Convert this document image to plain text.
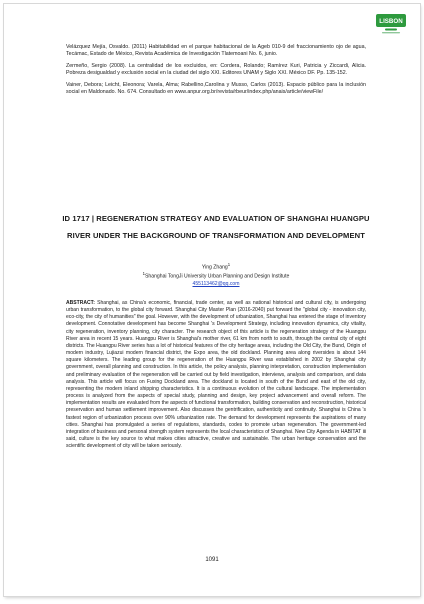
LISBON

Velázquez Mejía, Osvaldo. (2011) Habitabilidad en el parque habitacional de la Ageb 010-9 del fraccionamiento ojo de agua, Tecámac, Estado de México, Revista Académica de Investigación Tlatemoani No. 6, junio.

Zermeño, Sergio (2008). La centralidad de los excluidos, en: Cordera, Rolando; Ramírez Kuri, Patricia y Ziccardi, Alicia. Pobreza desigualdad y exclusión social en la ciudad del siglo XXI. Editores UNAM y Siglo XXI. México DF. Pp. 135-152.

Vainer, Debora; Leicht, Eleonora; Varela, Alma; Rabellino,Carolina y Musso, Carlos (2013). Espacio público para la inclusión social en Maldonado. No. 674. Consultado en www.anpur.org.br/revista/rbeur/index.php/anais/article/viewFile/

ID 1717 | REGENERATION STRATEGY AND EVALUATION OF SHANGHAI HUANGPU RIVER UNDER THE BACKGROUND OF TRANSFORMATION AND DEVELOPMENT
Ying Zhang$^1$
$^1$Shanghai TongJi University Urban Planning and Design Institute
455113462@qq.com

ABSTRACT: Shanghai, as China's economic, financial, trade center, as well as national historical and cultural city, is undergoing urban transformation, to the global city forward. Shanghai City Master Plan (2016-2040) put forward the "global city - innovation city, eco-city, the city of humanities" the goal. However, with the development of urbanization, Shanghai has entered the stage of inventory development. Connotative development has become Shanghai 's Development Strategy, including innovation dynamics, city vitality, city regeneration, inventory planning, city character. The research object of this article is the regeneration strategy of the Huangpu River area in recent 15 years. Huangpu River is Shanghai's mother river, 61 km from north to south, through the central city of eight districts. The Huangpu River series has a lot of historical features of the city heritage areas, including the Old City, the Bund, Origin of modern industry, Lujiazui modern financial district, the Expo area, the old dockland. Planning area along riversides is about 144 square kilometers. The leading group for the regeneration of the Huangpu River was established in 2002 by Shanghai city government, overall planning and construction. In this article, the policy analysis, planning interpretation, construction implementation and preliminary evaluation of the regeneration will be carried out by field investigation, interviews, analysis and comparison, and data analysis. This article will focus on Fuxing Dockland area. The dockland is located in south of the Bund and east of the old city, representing the modern inland shipping characteristics. It is a continuous evolution of the cultural landscape. The implementation process is analyzed from the aspects of special study, planning and design, key project advancement and overall reform. The implementation results are evaluated from the aspects of functional transformation, building conservation and reconstruction, historical preservation and human settlement improvement. Also discusses the gentrification, authenticity and continuity. Shanghai is China 's fastest region of urbanization process over 90% urbanization rate. The demand for development represents the aspirations of many cities. Shanghai has promulgated a series of regulations, standards, codes to promote urban regeneration. The government-led integration of business and personal strength system represents the local characteristics of Shanghai. New City Agenda in HABITAT Ⅲ said, culture is the key source to what makes cities attractive, creative and sustainable. The urban heritage conservation and the scientific development of city will be taken seriously.

1091
